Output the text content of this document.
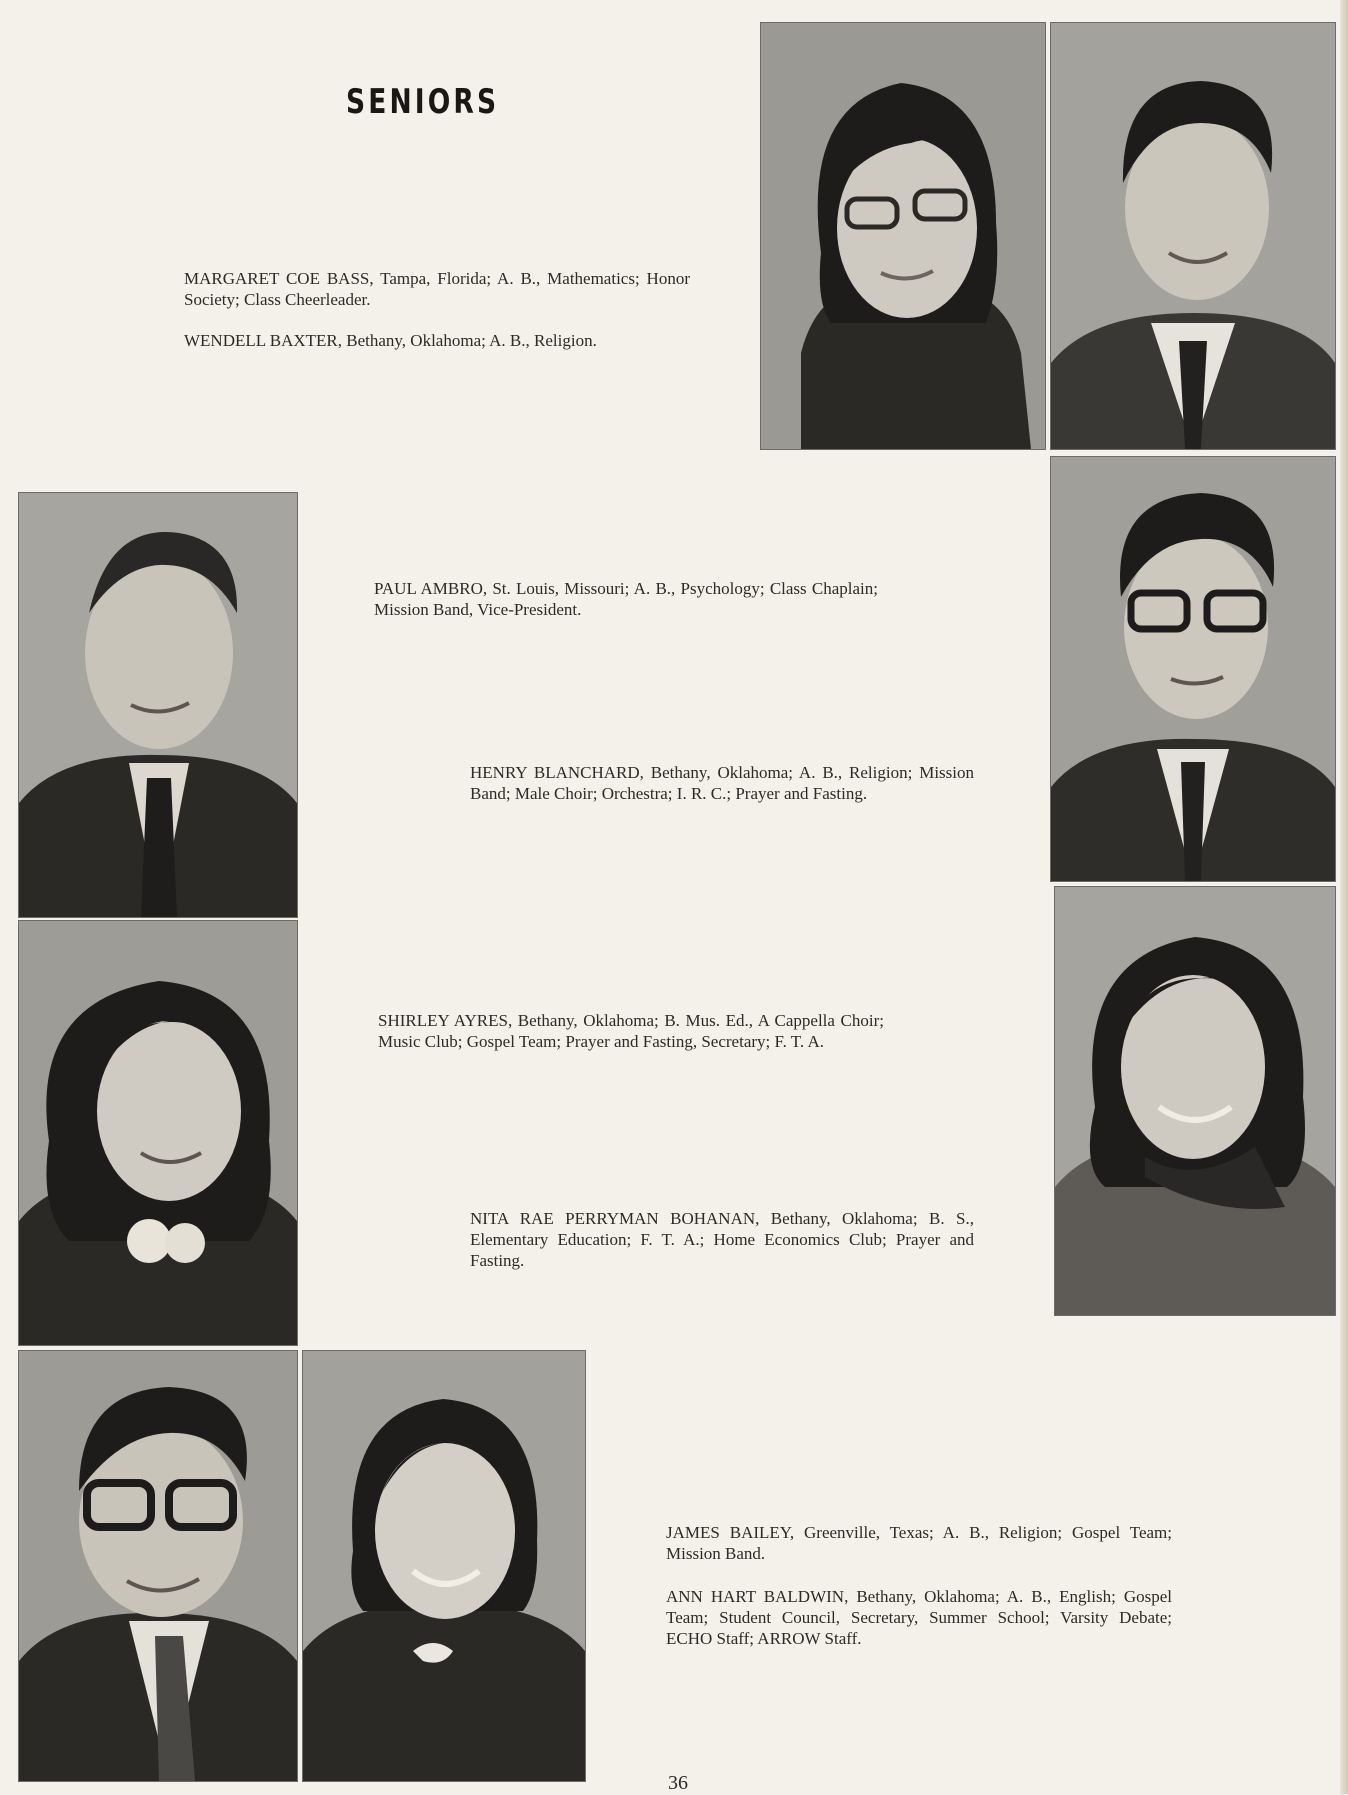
SENIORS

MARGARET COE BASS, Tampa, Florida; A. B., Mathematics; Honor Society; Class Cheerleader.

WENDELL BAXTER, Bethany, Oklahoma; A. B., Religion.

PAUL AMBRO, St. Louis, Missouri; A. B., Psychology; Class Chaplain; Mission Band, Vice-President.

HENRY BLANCHARD, Bethany, Oklahoma; A. B., Religion; Mission Band; Male Choir; Orchestra; I. R. C.; Prayer and Fasting.

SHIRLEY AYRES, Bethany, Oklahoma; B. Mus. Ed., A Cappella Choir; Music Club; Gospel Team; Prayer and Fasting, Secretary; F. T. A.

NITA RAE PERRYMAN BOHANAN, Bethany, Oklahoma; B. S., Elementary Education; F. T. A.; Home Economics Club; Prayer and Fasting.

JAMES BAILEY, Greenville, Texas; A. B., Religion; Gospel Team; Mission Band.

ANN HART BALDWIN, Bethany, Oklahoma; A. B., English; Gospel Team; Student Council, Secretary, Summer School; Varsity Debate; ECHO Staff; ARROW Staff.

36
